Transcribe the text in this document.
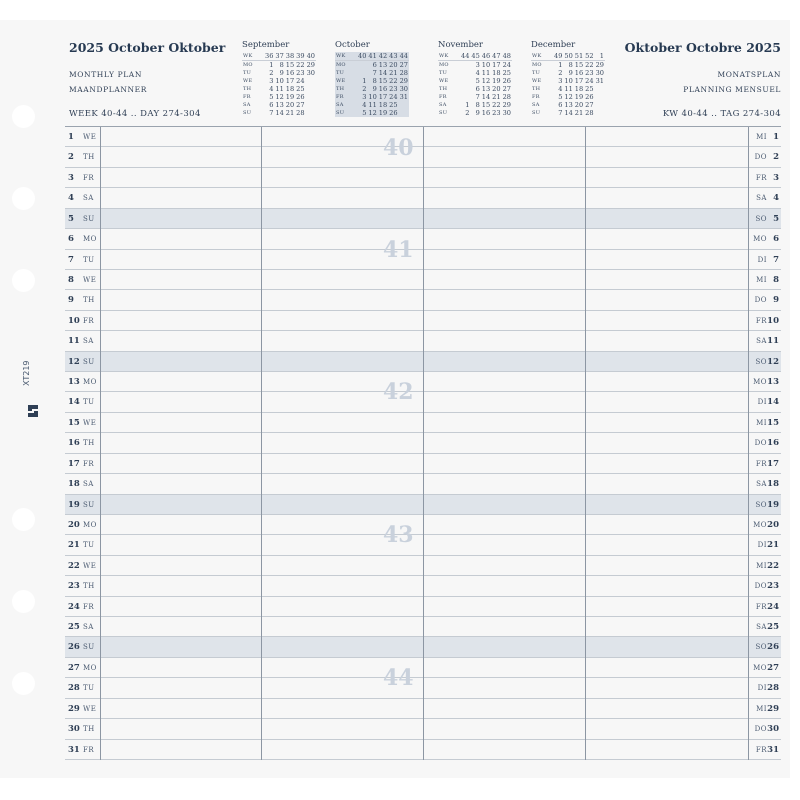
XT219
2025 October Oktober	Oktober Octobre 2025
MONTHLY PLAN
MAANDPLANNER
MONATSPLAN
PLANNING MENSUEL
WEEK 40-44 .. DAY 274-304	KW 40-44 .. TAG 274-304
September
WK	36	37	38	39	40
MO	1	8	15	22	29
TU	2	9	16	23	30
WE	3	10	17	24	
TH	4	11	18	25	
FR	5	12	19	26	
SA	6	13	20	27	
SU	7	14	21	28	
October
WK	40	41	42	43	44
MO		6	13	20	27
TU		7	14	21	28
WE	1	8	15	22	29
TH	2	9	16	23	30
FR	3	10	17	24	31
SA	4	11	18	25	
SU	5	12	19	26	
November
WK	44	45	46	47	48
MO		3	10	17	24
TU		4	11	18	25
WE		5	12	19	26
TH		6	13	20	27
FR		7	14	21	28
SA	1	8	15	22	29
SU	2	9	16	23	30
December
WK	49	50	51	52	1
MO	1	8	15	22	29
TU	2	9	16	23	30
WE	3	10	17	24	31
TH	4	11	18	25	
FR	5	12	19	26	
SA	6	13	20	27	
SU	7	14	21	28	
1 WE	MI 1
2 TH	DO 2
3 FR	FR 3
4 SA	SA 4
5 SU	SO 5
6 MO	MO 6
7 TU	DI 7
8 WE	MI 8
9 TH	DO 9
10 FR	FR 10
11 SA	SA 11
12 SU	SO 12
13 MO	MO 13
14 TU	DI 14
15 WE	MI 15
16 TH	DO 16
17 FR	FR 17
18 SA	SA 18
19 SU	SO 19
20 MO	MO 20
21 TU	DI 21
22 WE	MI 22
23 TH	DO 23
24 FR	FR 24
25 SA	SA 25
26 SU	SO 26
27 MO	MO 27
28 TU	DI 28
29 WE	MI 29
30 TH	DO 30
31 FR	FR 31
40
41
42
43
44
